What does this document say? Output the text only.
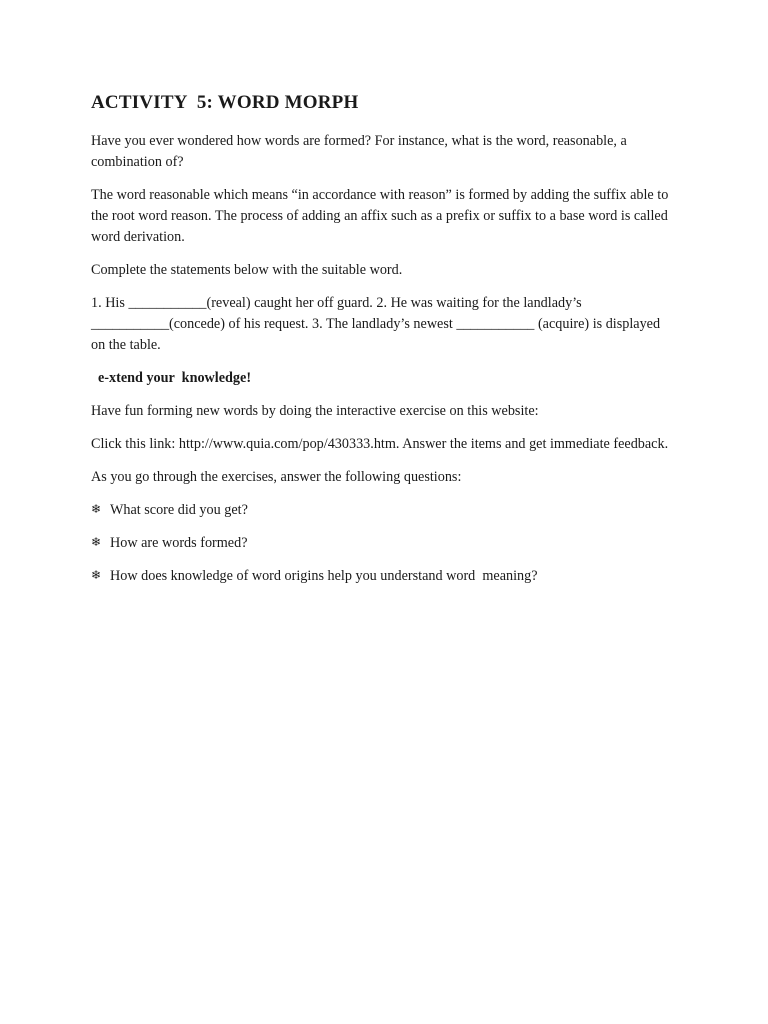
ACTIVITY  5: WORD MORPH

Have you ever wondered how words are formed? For instance, what is the word, reasonable, a combination of?

The word reasonable which means “in accordance with reason” is formed by adding the suffix able to the root word reason. The process of adding an affix such as a prefix or suffix to a base word is called word derivation.

Complete the statements below with the suitable word.

1. His ___________(reveal) caught her off guard. 2. He was waiting for the landlady’s ___________(concede) of his request. 3. The landlady’s newest ___________ (acquire) is displayed on the table.

e-xtend your  knowledge!

Have fun forming new words by doing the interactive exercise on this website:

Click this link: http://www.quia.com/pop/430333.htm. Answer the items and get immediate feedback.

As you go through the exercises, answer the following questions:

❄ What score did you get?
❄ How are words formed?
❄ How does knowledge of word origins help you understand word  meaning?
